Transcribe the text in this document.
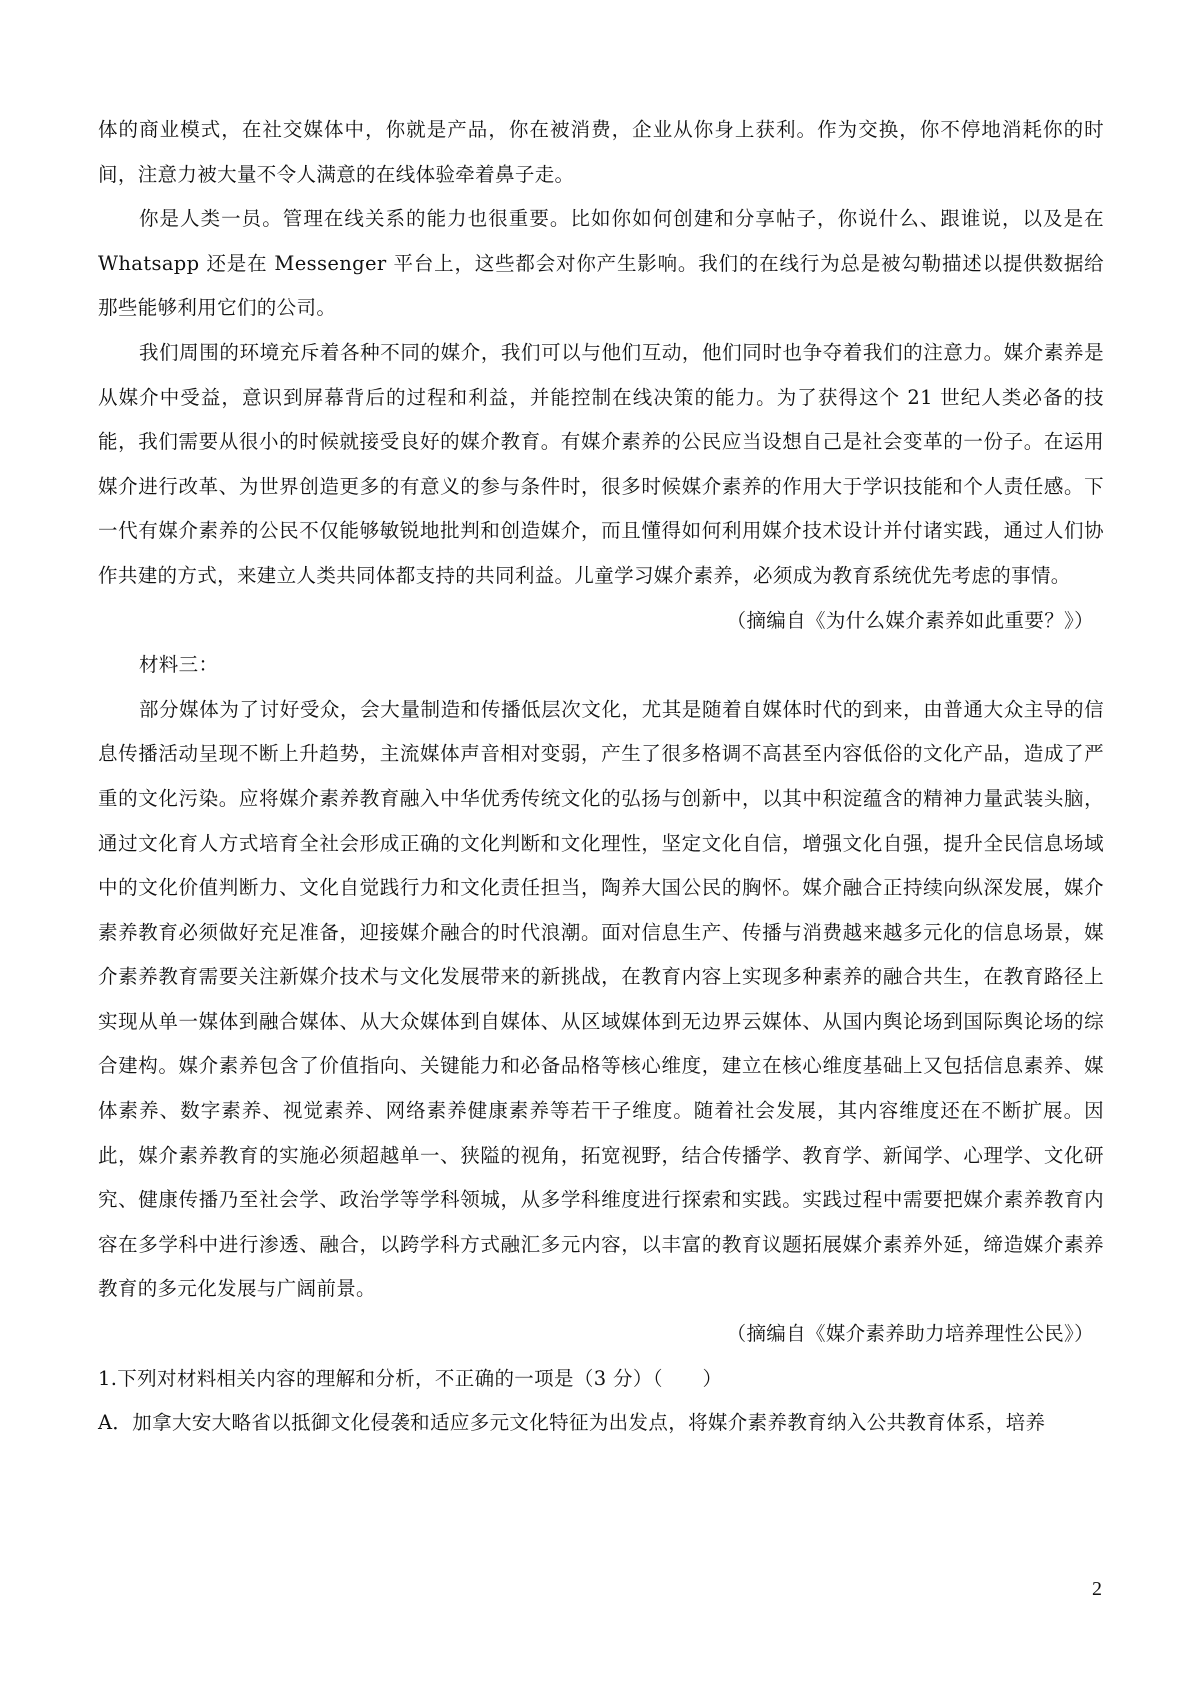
体的商业模式，在社交媒体中，你就是产品，你在被消费，企业从你身上获利。作为交换，你不停地消耗你的时间，注意力被大量不令人满意的在线体验牵着鼻子走。

你是人类一员。管理在线关系的能力也很重要。比如你如何创建和分享帖子，你说什么、跟谁说，以及是在 Whatsapp 还是在 Messenger 平台上，这些都会对你产生影响。我们的在线行为总是被勾勒描述以提供数据给那些能够利用它们的公司。

我们周围的环境充斥着各种不同的媒介，我们可以与他们互动，他们同时也争夺着我们的注意力。媒介素养是从媒介中受益，意识到屏幕背后的过程和利益，并能控制在线决策的能力。为了获得这个 21 世纪人类必备的技能，我们需要从很小的时候就接受良好的媒介教育。有媒介素养的公民应当设想自己是社会变革的一份子。在运用媒介进行改革、为世界创造更多的有意义的参与条件时，很多时候媒介素养的作用大于学识技能和个人责任感。下一代有媒介素养的公民不仅能够敏锐地批判和创造媒介，而且懂得如何利用媒介技术设计并付诸实践，通过人们协作共建的方式，来建立人类共同体都支持的共同利益。儿童学习媒介素养，必须成为教育系统优先考虑的事情。

（摘编自《为什么媒介素养如此重要？》）

材料三：

部分媒体为了讨好受众，会大量制造和传播低层次文化，尤其是随着自媒体时代的到来，由普通大众主导的信息传播活动呈现不断上升趋势，主流媒体声音相对变弱，产生了很多格调不高甚至内容低俗的文化产品，造成了严重的文化污染。应将媒介素养教育融入中华优秀传统文化的弘扬与创新中，以其中积淀蕴含的精神力量武装头脑，通过文化育人方式培育全社会形成正确的文化判断和文化理性，坚定文化自信，增强文化自强，提升全民信息场域中的文化价值判断力、文化自觉践行力和文化责任担当，陶养大国公民的胸怀。媒介融合正持续向纵深发展，媒介素养教育必须做好充足准备，迎接媒介融合的时代浪潮。面对信息生产、传播与消费越来越多元化的信息场景，媒介素养教育需要关注新媒介技术与文化发展带来的新挑战，在教育内容上实现多种素养的融合共生，在教育路径上实现从单一媒体到融合媒体、从大众媒体到自媒体、从区域媒体到无边界云媒体、从国内舆论场到国际舆论场的综合建构。媒介素养包含了价值指向、关键能力和必备品格等核心维度，建立在核心维度基础上又包括信息素养、媒体素养、数字素养、视觉素养、网络素养健康素养等若干子维度。随着社会发展，其内容维度还在不断扩展。因此，媒介素养教育的实施必须超越单一、狭隘的视角，拓宽视野，结合传播学、教育学、新闻学、心理学、文化研究、健康传播乃至社会学、政治学等学科领城，从多学科维度进行探索和实践。实践过程中需要把媒介素养教育内容在多学科中进行渗透、融合，以跨学科方式融汇多元内容，以丰富的教育议题拓展媒介素养外延，缔造媒介素养教育的多元化发展与广阔前景。

（摘编自《媒介素养助力培养理性公民》）

1.下列对材料相关内容的理解和分析，不正确的一项是（3 分）（　　）

A．加拿大安大略省以抵御文化侵袭和适应多元文化特征为出发点，将媒介素养教育纳入公共教育体系，培养

2
